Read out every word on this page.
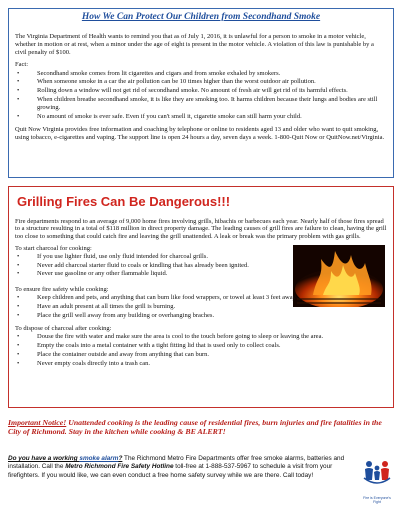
How We Can Protect Our Children from Secondhand Smoke

The Virginia Department of Health wants to remind you that as of July 1, 2016, it is unlawful for a person to smoke in a motor vehicle, whether in motion or at rest, when a minor under the age of eight is present in the motor vehicle. A violation of this law is punishable by a civil penalty of $100.

Fact:
• Secondhand smoke comes from lit cigarettes and cigars and from smoke exhaled by smokers.
• When someone smoke in a car the air pollution can be 10 times higher than the worst outdoor air pollution.
• Rolling down a window will not get rid of secondhand smoke. No amount of fresh air will get rid of its harmful effects.
• When children breathe secondhand smoke, it is like they are smoking too. It harms children because their lungs and bodies are still growing.
• No amount of smoke is ever safe. Even if you can't smell it, cigarette smoke can still harm your child.

Quit Now Virginia provides free information and coaching by telephone or online to residents aged 13 and older who want to quit smoking, using tobacco, e-cigarettes and vaping. The support line is open 24 hours a day, seven days a week. 1-800-Quit Now or QuitNow.net/Virginia.

Grilling Fires Can Be Dangerous!!!

Fire departments respond to an average of 9,000 home fires involving grills, hibachis or barbecues each year. Nearly half of those fires spread to a structure resulting in a total of $118 million in direct property damage. The leading causes of grill fires are failure to clean, having the grill too close to something that could catch fire and leaving the grill unattended. A leak or break was the primary problem with gas grills.

To start charcoal for cooking:
• If you use lighter fluid, use only fluid intended for charcoal grills.
• Never add charcoal starter fluid to coals or kindling that has already been ignited.
• Never use gasoline or any other flammable liquid.
To ensure fire safety while cooking:
• Keep children and pets, and anything that can burn like food wrappers, or towel at least 3 feet away
• Have an adult present at all times the grill is burning.
• Place the grill well away from any building or overhanging braches.
To dispose of charcoal after cooking:
• Douse the fire with water and make sure the area is cool to the touch before going to sleep or leaving the area.
• Empty the coals into a metal container with a tight fitting lid that is used only to collect coals.
• Place the container outside and away from anything that can burn.
• Never empty coals directly into a trash can.
Important Notice! Unattended cooking is the leading cause of residential fires, burn injuries and fire fatalities in the City of Richmond. Stay in the kitchen while cooking & BE ALERT!
Do you have a working smoke alarm? The Richmond Metro Fire Departments offer free smoke alarms, batteries and installation. Call the Metro Richmond Fire Safety Hotline toll-free at 1-888-537-5967 to schedule a visit from your firefighters. If you would like, we can even conduct a free home safety survey while we are there. Call today!
Fire is Everyone's Fight
